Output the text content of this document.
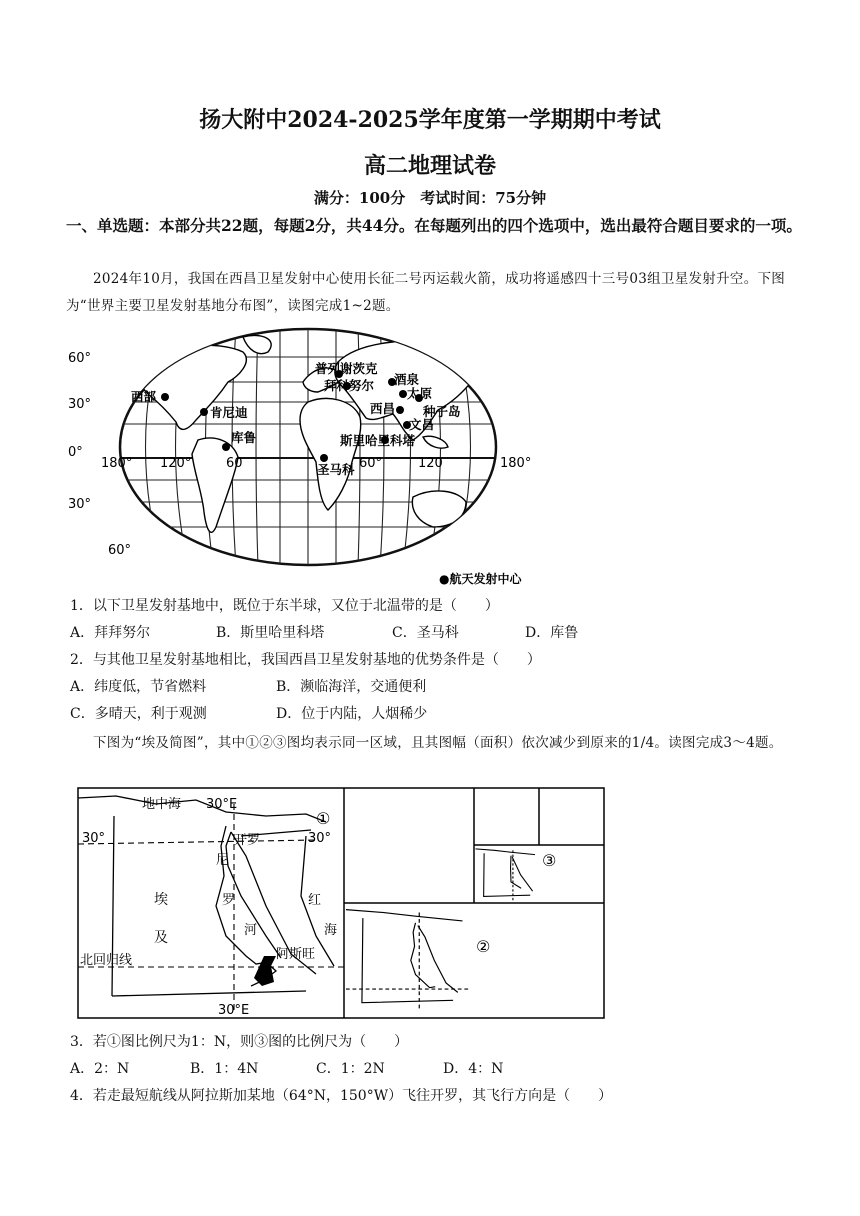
扬大附中2024-2025学年度第一学期期中考试
高二地理试卷
满分：100分　考试时间：75分钟
一、单选题：本部分共22题，每题2分，共44分。在每题列出的四个选项中，选出最符合题目要求的一项。
2024年10月，我国在西昌卫星发射中心使用长征二号丙运载火箭，成功将遥感四十三号03组卫星发射升空。下图为“世界主要卫星发射基地分布图”，读图完成1~2题。
60°
30°
0°
30°
60°
180° 120°	60	60°	120	180°
西部
肯尼迪
库鲁
普列谢茨克
拜科努尔 酒泉
太原
西昌 种子岛
文昌
斯里哈里科塔
圣马科
●航天发射中心
1．以下卫星发射基地中，既位于东半球，又位于北温带的是（　　）
A．拜拜努尔	B．斯里哈里科塔	C．圣马科	D．库鲁
2．与其他卫星发射基地相比，我国西昌卫星发射基地的优势条件是（　　）
A．纬度低，节省燃料	B．濒临海洋，交通便利
C．多晴天，利于观测	D．位于内陆，人烟稀少
下图为“埃及简图”，其中①②③图均表示同一区域，且其图幅（面积）依次减少到原来的1/4。读图完成3～4题。
地中海 30°E
①
30°	30°
开罗
尼
罗
河
埃
及
红
海
北回归线	阿斯旺
30°E
②
③
3．若①图比例尺为1：N，则③图的比例尺为（　　）
A．2：N	B．1：4N	C．1：2N	D．4：N
4．若走最短航线从阿拉斯加某地（64°N，150°W）飞往开罗，其飞行方向是（　　）
